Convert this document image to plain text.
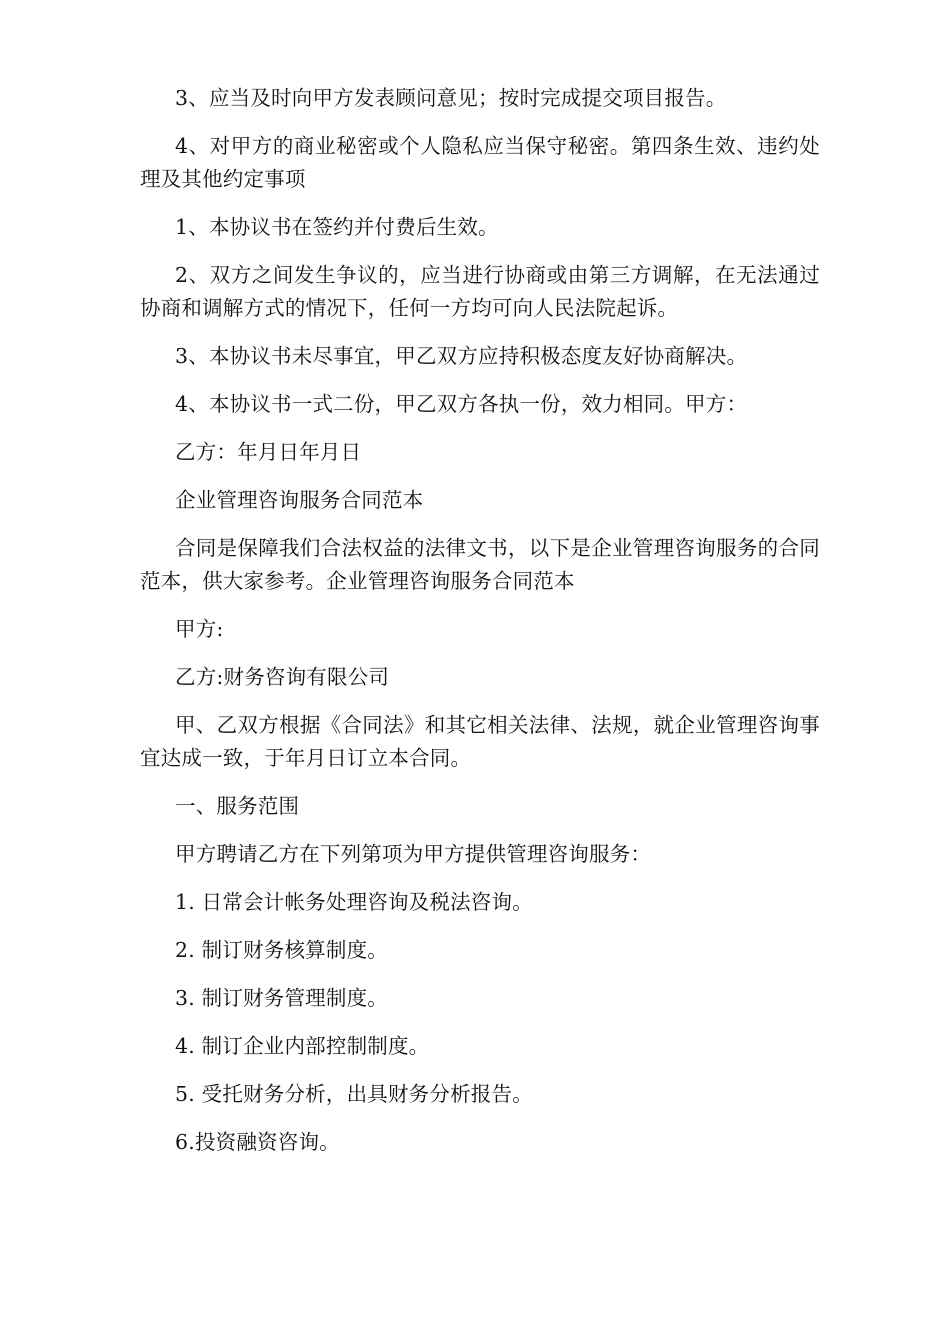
3、应当及时向甲方发表顾问意见；按时完成提交项目报告。

4、对甲方的商业秘密或个人隐私应当保守秘密。第四条生效、违约处理及其他约定事项

1、本协议书在签约并付费后生效。

2、双方之间发生争议的，应当进行协商或由第三方调解，在无法通过协商和调解方式的情况下，任何一方均可向人民法院起诉。

3、本协议书未尽事宜，甲乙双方应持积极态度友好协商解决。

4、本协议书一式二份，甲乙双方各执一份，效力相同。甲方：

乙方：年月日年月日

企业管理咨询服务合同范本

合同是保障我们合法权益的法律文书，以下是企业管理咨询服务的合同范本，供大家参考。企业管理咨询服务合同范本

甲方:

乙方:财务咨询有限公司

甲、乙双方根据《合同法》和其它相关法律、法规，就企业管理咨询事宜达成一致，于年月日订立本合同。

一、服务范围

甲方聘请乙方在下列第项为甲方提供管理咨询服务：

1. 日常会计帐务处理咨询及税法咨询。

2. 制订财务核算制度。

3. 制订财务管理制度。

4. 制订企业内部控制制度。

5. 受托财务分析，出具财务分析报告。

6.投资融资咨询。
